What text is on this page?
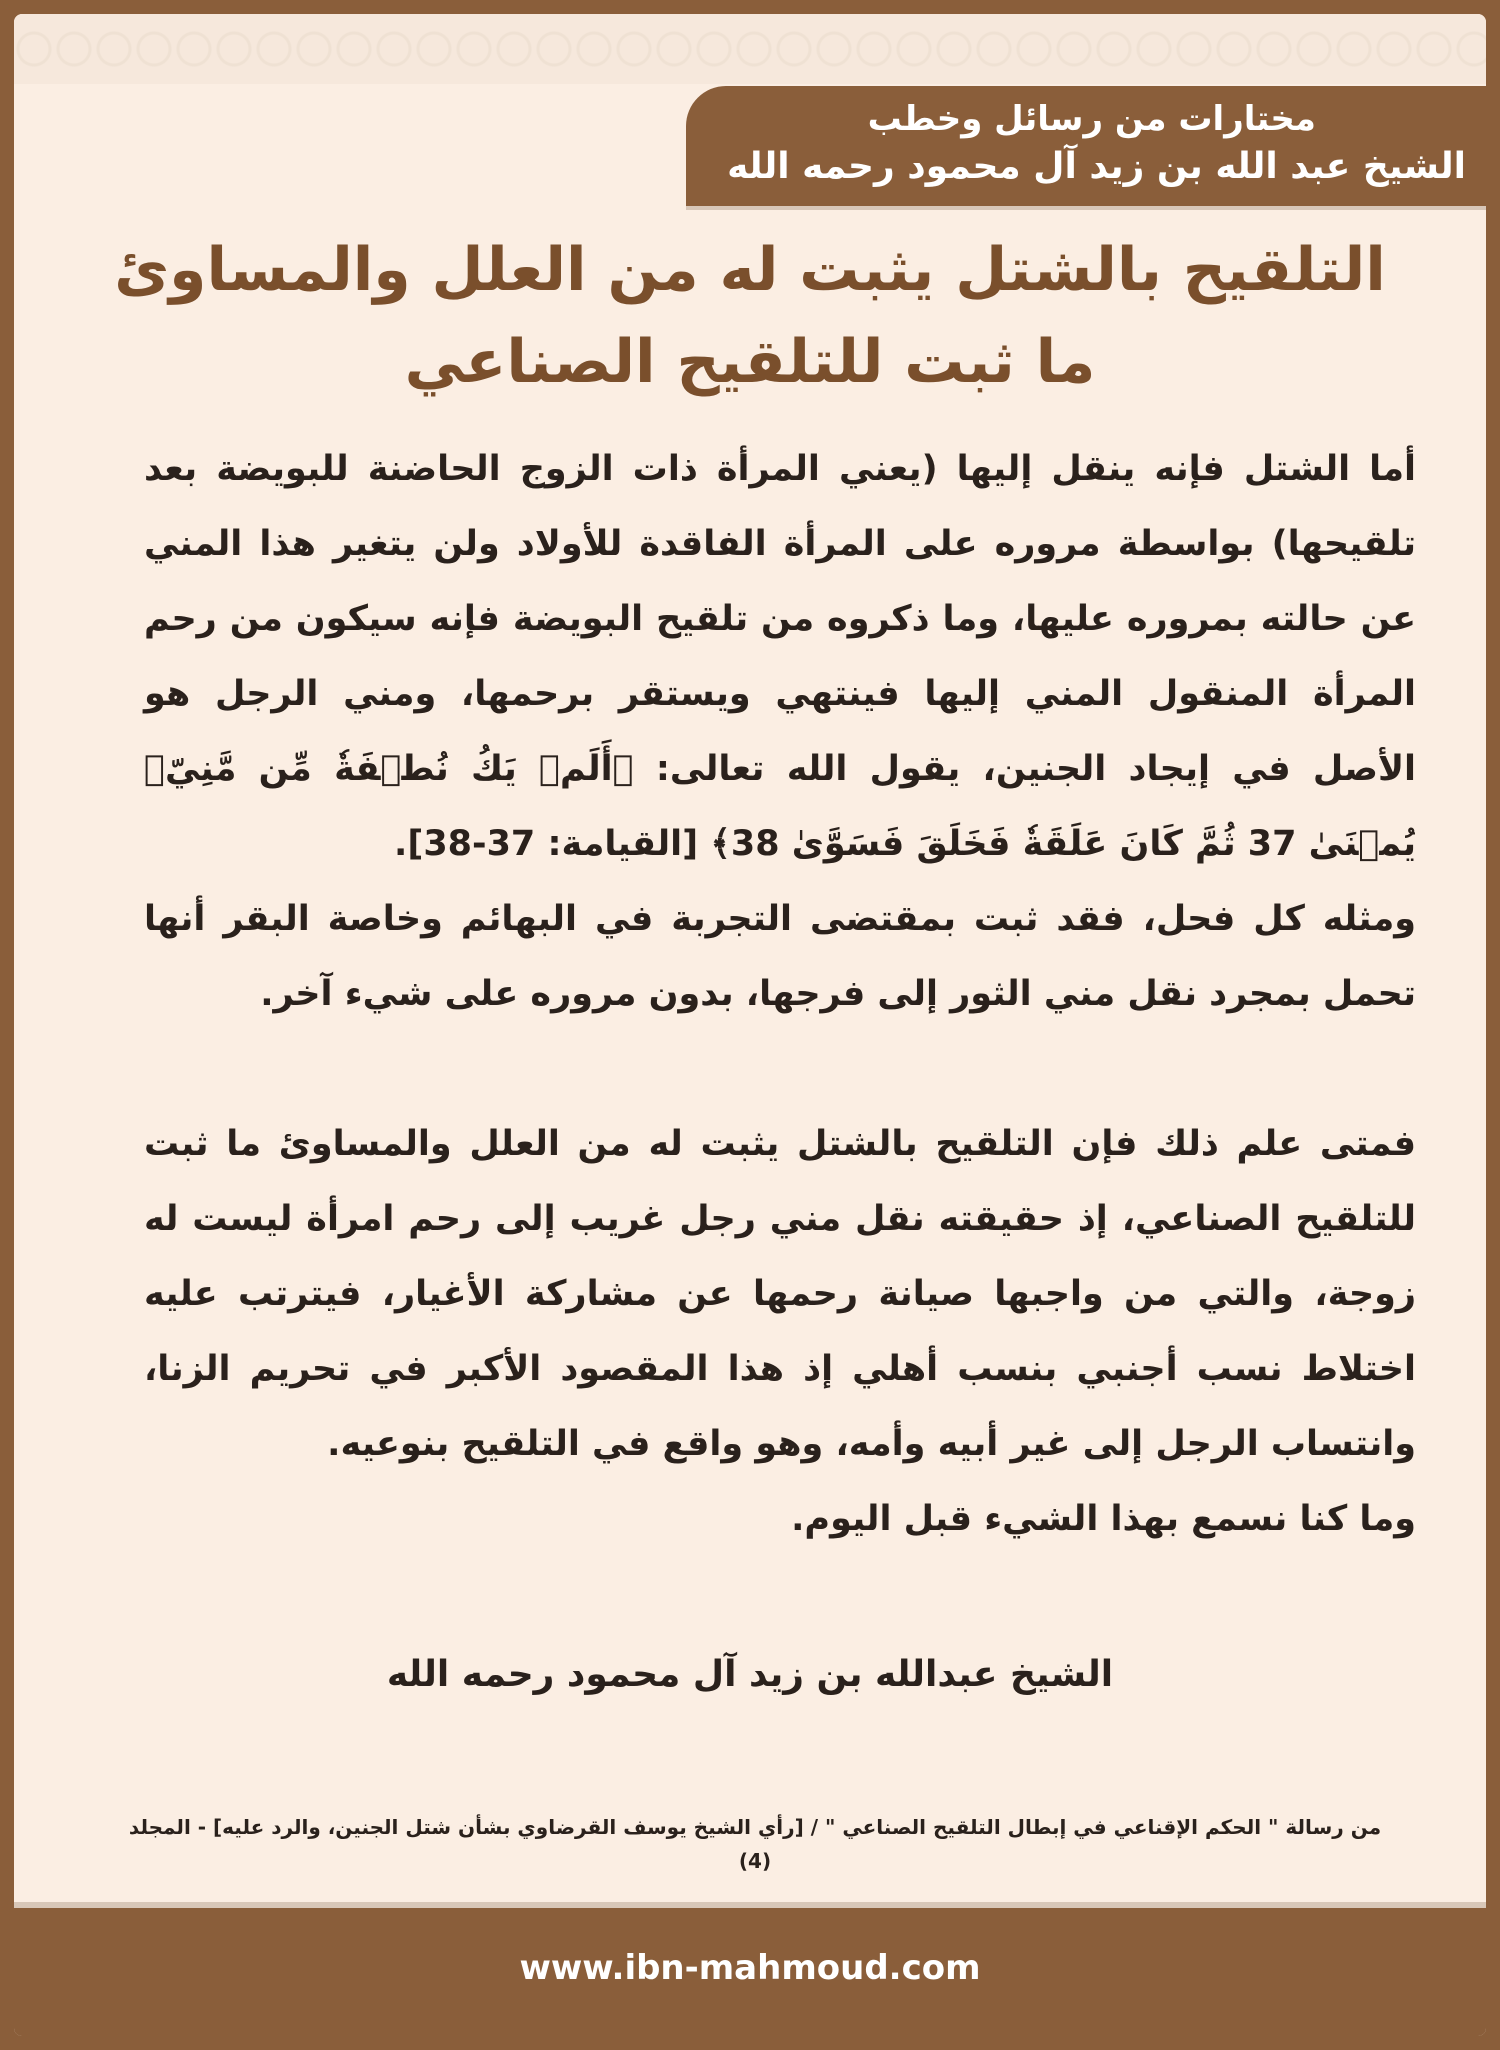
مختارات من رسائل وخطب
الشيخ عبد الله بن زيد آل محمود رحمه الله
التلقيح بالشتل يثبت له من العلل والمساوئ ما ثبت للتلقيح الصناعي

أما الشتل فإنه ينقل إليها (يعني المرأة ذات الزوج الحاضنة للبويضة بعد تلقيحها) بواسطة مروره على المرأة الفاقدة للأولاد ولن يتغير هذا المني عن حالته بمروره عليها، وما ذكروه من تلقيح البويضة فإنه سيكون من رحم المرأة المنقول المني إليها فينتهي ويستقر برحمها، ومني الرجل هو الأصل في إيجاد الجنين، يقول الله تعالى: ﴿أَلَمۡ يَكُ نُطۡفَةٗ مِّن مَّنِيّٖ يُمۡنَىٰ 37 ثُمَّ كَانَ عَلَقَةٗ فَخَلَقَ فَسَوَّىٰ 38﴾ [القيامة: 37-38].

ومثله كل فحل، فقد ثبت بمقتضى التجربة في البهائم وخاصة البقر أنها تحمل بمجرد نقل مني الثور إلى فرجها، بدون مروره على شيء آخر.

فمتى علم ذلك فإن التلقيح بالشتل يثبت له من العلل والمساوئ ما ثبت للتلقيح الصناعي، إذ حقيقته نقل مني رجل غريب إلى رحم امرأة ليست له زوجة، والتي من واجبها صيانة رحمها عن مشاركة الأغيار، فيترتب عليه اختلاط نسب أجنبي بنسب أهلي إذ هذا المقصود الأكبر في تحريم الزنا، وانتساب الرجل إلى غير أبيه وأمه، وهو واقع في التلقيح بنوعيه.

وما كنا نسمع بهذا الشيء قبل اليوم.

الشيخ عبدالله بن زيد آل محمود رحمه الله
من رسالة " الحكم الإقناعي في إبطال التلقيح الصناعي " / [رأي الشيخ يوسف القرضاوي بشأن شتل الجنين، والرد عليه] - المجلد (4)
www.ibn-mahmoud.com
